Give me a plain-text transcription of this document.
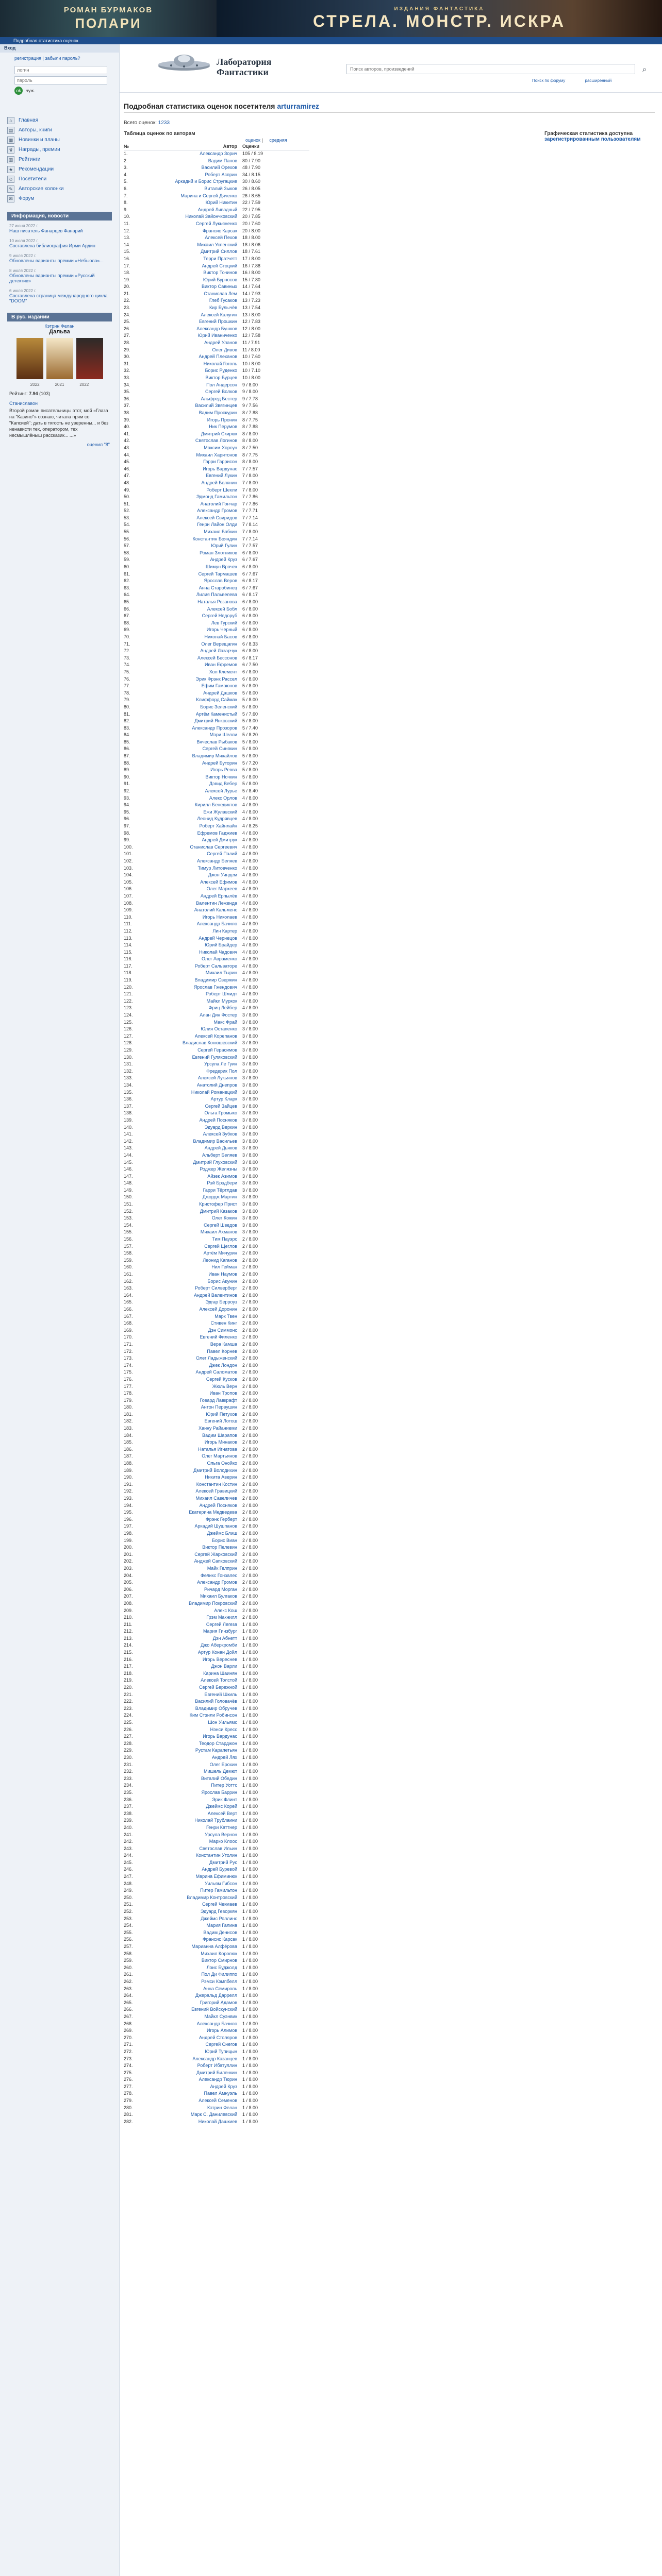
РОМАН БУРМАКОВ
ПОЛАРИ
ИЗДАНИЯ ФАНТАСТИКА
СТРЕЛА. МОНСТР. ИСКРА
Подробная статистика оценок
Вход
регистрация | забыли пароль?
логин
пароль
ok	чуж.
⌂	Главная
▤ Авторы, книги
▦ Новинки и планы
♛ Награды, премии
▥ Рейтинги
★ Рекомендации
☺ Посетители
✎	Авторские колонки
✉	Форум
Информация, новости
27 июня 2022 г.
Наш писатель Фанарцев Фанарий
10 июля 2022 г.
Составлена библиография Ирми Ардин
9 июля 2022 г.
Обновлены варианты премии «Небьюла»...
8 июля 2022 г.
Обновлены варианты премии «Русский детектив»
6 июля 2022 г.
Составлена страница международного цикла "DOOM"
В рус. издании
Кэтрин Фелан
Дальва
2022	2021	2022
Рейтинг: 7.94 (103)
Станиславон
Второй роман писательницы этот, мой «Глаза на "Казино"» сознаю, читала прям со "Капсией"; дать в тягость не уверенны... и без ненависти тех, оператором, тех несмышлёныш рассказик... ...»
оценил "8"
Лаборатория
Фантастики
Поиск авторов, произведений	⌕
Поиск по форуму	расширенный
Подробная статистика оценок посетителя arturramirez
Всего оценок: 1233
Таблица оценок по авторам	Графическая статистика доступна зарегистрированным пользователям
оценок | средняя
№	Автор	Оценки
1.	Александр Зорич	105 / 8.19
2.	Вадим Панов	80 / 7.90
3.	Василий Орехов	48 / 7.90
4.	Роберт Асприн	34 / 8.15
5.	Аркадий и Борис Стругацкие	30 / 8.60
6.	Виталий Зыков	26 / 8.05
7.	Марина и Сергей Дяченко	26 / 8.65
8.	Юрий Никитин	22 / 7.59
9.	Андрей Ливадный	22 / 7.95
10.	Николай Зайончковский	20 / 7.85
11.	Сергей Лукьяненко	20 / 7.60
12.	Франсис Карсак	20 / 8.00
13.	Алексей Пехов	18 / 8.00
14.	Михаил Успенский	18 / 8.06
15.	Дмитрий Силлов	18 / 7.61
16.	Терри Пратчетт	17 / 8.00
17.	Андрей Стоцкий	16 / 7.88
18.	Виктор Точинов	16 / 8.00
19.	Юрий Бурносов	15 / 7.80
20.	Виктор Савиных	14 / 7.64
21.	Станислав Лем	14 / 7.93
22.	Глеб Гусаков	13 / 7.23
23.	Кир Булычёв	13 / 7.54
24.	Алексей Калугин	13 / 8.00
25.	Евгений Прошкин	12 / 7.83
26.	Александр Бушков	12 / 8.00
27.	Юрий Иваниченко	12 / 7.58
28.	Андрей Уланов	11 / 7.91
29.	Олег Дивов	11 / 8.00
30.	Андрей Плеханов	10 / 7.60
31.	Николай Гоголь	10 / 8.00
32.	Борис Руденко	10 / 7.10
33.	Виктор Бурцев	10 / 8.00
34.	Пол Андерсон	9 / 8.00
35.	Сергей Волков	9 / 8.00
36.	Альфред Бестер	9 / 7.78
37.	Василий Звягинцев	9 / 7.56
38.	Вадим Проскурин	8 / 7.88
39.	Игорь Пронин	8 / 7.75
40.	Ник Перумов	8 / 7.88
41.	Дмитрий Скирюк	8 / 8.00
42.	Святослав Логинов	8 / 8.00
43.	Максим Хорсун	8 / 7.50
44.	Михаил Харитонов	8 / 7.75
45.	Гарри Гаррисон	8 / 8.00
46.	Игорь Вардунас	7 / 7.57
47.	Евгений Лукин	7 / 8.00
48.	Андрей Белянин	7 / 8.00
49.	Роберт Шекли	7 / 8.00
50.	Эдмонд Гамильтон	7 / 7.86
51.	Анатолий Гончар	7 / 7.86
52.	Александр Громов	7 / 7.71
53.	Алексей Свиридов	7 / 7.14
54.	Генри Лайон Олди	7 / 8.14
55.	Михаил Бабкин	7 / 8.00
56.	Константин Бояндин	7 / 7.14
57.	Юрий Гулин	7 / 7.57
58.	Роман Злотников	6 / 8.00
59.	Андрей Круз	6 / 7.67
60.	Шимун Врочек	6 / 8.00
61.	Сергей Тармашев	6 / 7.67
62.	Ярослав Веров	6 / 8.17
63.	Анна Старобинец	6 / 7.67
64.	Лилия Пальвелева	6 / 8.17
65.	Наталья Резанова	6 / 8.00
66.	Алексей Бобл	6 / 8.00
67.	Сергей Недоруб	6 / 8.00
68.	Лев Гурский	6 / 8.00
69.	Игорь Черный	6 / 8.00
70.	Николай Басов	6 / 8.00
71.	Олег Верещагин	6 / 8.33
72.	Андрей Лазарчук	6 / 8.00
73.	Алексей Бессонов	6 / 8.17
74.	Иван Ефремов	6 / 7.50
75.	Хол Клемент	6 / 8.00
76.	Эрик Фрэнк Рассел	6 / 8.00
77.	Ефим Гамаюнов	5 / 8.00
78.	Андрей Дашков	5 / 8.00
79.	Клиффорд Саймак	5 / 8.00
80.	Борис Зеленский	5 / 8.00
81.	Артём Каменистый	5 / 7.60
82.	Дмитрий Янковский	5 / 8.00
83.	Александр Прозоров	5 / 7.40
84.	Мэри Шелли	5 / 8.20
85.	Вячеслав Рыбаков	5 / 8.00
86.	Сергей Синякин	5 / 8.00
87.	Владимир Михайлов	5 / 8.00
88.	Андрей Буторин	5 / 7.20
89.	Игорь Ревва	5 / 8.00
90.	Виктор Ночкин	5 / 8.00
91.	Дэвид Вебер	5 / 8.00
92.	Алексей Лурье	5 / 8.40
93.	Алекс Орлов	4 / 8.00
94.	Кирилл Бенедиктов	4 / 8.00
95.	Ежи Жулавский	4 / 8.00
96.	Леонид Кудрявцев	4 / 8.00
97.	Роберт Хайнлайн	4 / 8.25
98.	Ефремов Гаджиев	4 / 8.00
99.	Андрей Дмитрук	4 / 8.00
100.	Станислав Сергеевич	4 / 8.00
101.	Сергей Палий	4 / 8.00
102.	Александр Беляев	4 / 8.00
103.	Тимур Литовченко	4 / 8.00
104.	Джон Уиндем	4 / 8.00
105.	Алексей Ефимов	4 / 8.00
106.	Олег Маркеев	4 / 8.00
107.	Андрей Ерпылёв	4 / 8.00
108.	Валентин Леженда	4 / 8.00
109.	Анатолий Кальменс	4 / 8.00
110.	Игорь Николаев	4 / 8.00
111.	Александр Бачило	4 / 8.00
112.	Лин Картер	4 / 8.00
113.	Андрей Чернецов	4 / 8.00
114.	Юрий Брайдер	4 / 8.00
115.	Николай Чадович	4 / 8.00
116.	Олег Авраменко	4 / 8.00
117.	Роберт Сальваторе	4 / 8.00
118.	Михаил Тырин	4 / 8.00
119.	Владимир Свержин	4 / 8.00
120.	Ярослав Гжендович	4 / 8.00
121.	Роберт Шмидт	4 / 8.00
122.	Майкл Муркок	4 / 8.00
123.	Фриц Лейбер	4 / 8.00
124.	Алан Дин Фостер	3 / 8.00
125.	Макс Фрай	3 / 8.00
126.	Юлия Остапенко	3 / 8.00
127.	Алексей Корепанов	3 / 8.00
128.	Владислав Конюшевский	3 / 8.00
129.	Сергей Герасимов	3 / 8.00
130.	Евгений Гуляковский	3 / 8.00
131.	Урсула Ле Гуин	3 / 8.00
132.	Фредерик Пол	3 / 8.00
133.	Алексей Лукьянов	3 / 8.00
134.	Анатолий Днепров	3 / 8.00
135.	Николай Романецкий	3 / 8.00
136.	Артур Кларк	3 / 8.00
137.	Сергей Зайцев	3 / 8.00
138.	Ольга Громыко	3 / 8.00
139.	Андрей Посняков	3 / 8.00
140.	Эдуард Веркин	3 / 8.00
141.	Алексей Зубков	3 / 8.00
142.	Владимир Васильев	3 / 8.00
143.	Андрей Дьяков	3 / 8.00
144.	Альберт Беляев	3 / 8.00
145.	Дмитрий Глуховский	3 / 8.00
146.	Роджер Желязны	3 / 8.00
147.	Айзек Азимов	3 / 8.00
148.	Рэй Брэдбери	3 / 8.00
149.	Гарри Тёртлдав	3 / 8.00
150.	Джордж Мартин	3 / 8.00
151.	Кристофер Прист	3 / 8.00
152.	Дмитрий Казаков	3 / 8.00
153.	Олег Кожин	3 / 8.00
154.	Сергей Шведов	3 / 8.00
155.	Михаил Ахманов	3 / 8.00
156.	Тим Пауэрс	2 / 8.00
157.	Сергей Щеглов	2 / 8.00
158.	Артём Мичурин	2 / 8.00
159.	Леонид Каганов	2 / 8.00
160.	Нил Гейман	2 / 8.00
161.	Иван Наумов	2 / 8.00
162.	Борис Акунин	2 / 8.00
163.	Роберт Силверберг	2 / 8.00
164.	Андрей Валентинов	2 / 8.00
165.	Эдгар Берроуз	2 / 8.00
166.	Алексей Доронин	2 / 8.00
167.	Марк Твен	2 / 8.00
168.	Стивен Кинг	2 / 8.00
169.	Дэн Симмонс	2 / 8.00
170.	Евгений Филенко	2 / 8.00
171.	Вера Камша	2 / 8.00
172.	Павел Корнев	2 / 8.00
173.	Олег Ладыженский	2 / 8.00
174.	Джек Лондон	2 / 8.00
175.	Андрей Саломатов	2 / 8.00
176.	Сергей Кусков	2 / 8.00
177.	Жюль Верн	2 / 8.00
178.	Иван Тропов	2 / 8.00
179.	Говард Лавкрафт	2 / 8.00
180.	Антон Первушин	2 / 8.00
181.	Юрий Петухов	2 / 8.00
182.	Евгений Лотош	2 / 8.00
183.	Ханну Райаниеми	2 / 8.00
184.	Вадим Шарапов	2 / 8.00
185.	Игорь Минаков	2 / 8.00
186.	Наталья Игнатова	2 / 8.00
187.	Олег Мартьянов	2 / 8.00
188.	Ольга Онойко	2 / 8.00
189.	Дмитрий Володихин	2 / 8.00
190.	Никита Аверин	2 / 8.00
191.	Константин Костин	2 / 8.00
192.	Алексей Гравицкий	2 / 8.00
193.	Михаил Савеличев	2 / 8.00
194.	Андрей Посняков	2 / 8.00
195.	Екатерина Медведева	2 / 8.00
196.	Фрэнк Герберт	2 / 8.00
197.	Аркадий Шушпанов	2 / 8.00
198.	Джеймс Блиш	2 / 8.00
199.	Борис Виан	2 / 8.00
200.	Виктор Пелевин	2 / 8.00
201.	Сергей Жарковский	2 / 8.00
202.	Анджей Сапковский	2 / 8.00
203.	Майк Гелприн	2 / 8.00
204.	Феликс Гонзалес	2 / 8.00
205.	Александр Громов	2 / 8.00
206.	Ричард Морган	2 / 8.00
207.	Михаил Булгаков	2 / 8.00
208.	Владимир Покровский	2 / 8.00
209.	Алекс Кош	2 / 8.00
210.	Грэм Макнилл	2 / 8.00
211.	Сергей Легеза	1 / 8.00
212.	Мария Гинзбург	1 / 8.00
213.	Дэн Абнетт	1 / 8.00
214.	Джо Аберкромби	1 / 8.00
215.	Артур Конан Дойл	1 / 8.00
216.	Игорь Вереснев	1 / 8.00
217.	Джон Варли	1 / 8.00
218.	Карина Шаинян	1 / 8.00
219.	Алексей Толстой	1 / 8.00
220.	Сергей Бережной	1 / 8.00
221.	Евгений Шкиль	1 / 8.00
222.	Василий Головачёв	1 / 8.00
223.	Владимир Обручев	1 / 8.00
224.	Ким Стэнли Робинсон	1 / 8.00
225.	Шон Уильямс	1 / 8.00
226.	Нэнси Кресс	1 / 8.00
227.	Игорь Вардунас	1 / 8.00
228.	Теодор Старджон	1 / 8.00
229.	Рустам Карапетьян	1 / 8.00
230.	Андрей Лях	1 / 8.00
231.	Олег Ерохин	1 / 8.00
232.	Мишель Демют	1 / 8.00
233.	Виталий Обедин	1 / 8.00
234.	Питер Уоттс	1 / 8.00
235.	Ярослав Баррин	1 / 8.00
236.	Эрик Флинт	1 / 8.00
237.	Джеймс Корей	1 / 8.00
238.	Алексей Верт	1 / 8.00
239.	Николай Трублаини	1 / 8.00
240.	Генри Каттнер	1 / 8.00
241.	Урсула Вернон	1 / 8.00
242.	Марко Клоос	1 / 8.00
243.	Святослав Ильин	1 / 8.00
244.	Константин Утолин	1 / 8.00
245.	Дмитрий Рус	1 / 8.00
246.	Андрей Буревой	1 / 8.00
247.	Марина Ефиминюк	1 / 8.00
248.	Уильям Гибсон	1 / 8.00
249.	Питер Гамильтон	1 / 8.00
250.	Владимир Контровский	1 / 8.00
251.	Сергей Чекмаев	1 / 8.00
252.	Эдуард Геворкян	1 / 8.00
253.	Джеймс Роллинс	1 / 8.00
254.	Мария Галина	1 / 8.00
255.	Вадим Денисов	1 / 8.00
256.	Франсис Карсак	1 / 8.00
257.	Марианна Алфёрова	1 / 8.00
258.	Михаил Королюк	1 / 8.00
259.	Виктор Смирнов	1 / 8.00
260.	Лоис Буджолд	1 / 8.00
261.	Пол Ди Филиппо	1 / 8.00
262.	Рэмси Кэмпбелл	1 / 8.00
263.	Анна Семироль	1 / 8.00
264.	Джеральд Даррелл	1 / 8.00
265.	Григорий Адамов	1 / 8.00
266.	Евгений Войскунский	1 / 8.00
267.	Майкл Суэнвик	1 / 8.00
268.	Александр Бачило	1 / 8.00
269.	Игорь Алимов	1 / 8.00
270.	Андрей Столяров	1 / 8.00
271.	Сергей Снегов	1 / 8.00
272.	Юрий Тупицын	1 / 8.00
273.	Александр Казанцев	1 / 8.00
274.	Роберт Ибатуллин	1 / 8.00
275.	Дмитрий Биленкин	1 / 8.00
276.	Александр Тюрин	1 / 8.00
277.	Андрей Круз	1 / 8.00
278.	Павел Амнуэль	1 / 8.00
279.	Алексей Семенов	1 / 8.00
280.	Кэтрин Фелан	1 / 8.00
281.	Марк С. Данилевский	1 / 8.00
282.	Николай Дашкиев	1 / 8.00
